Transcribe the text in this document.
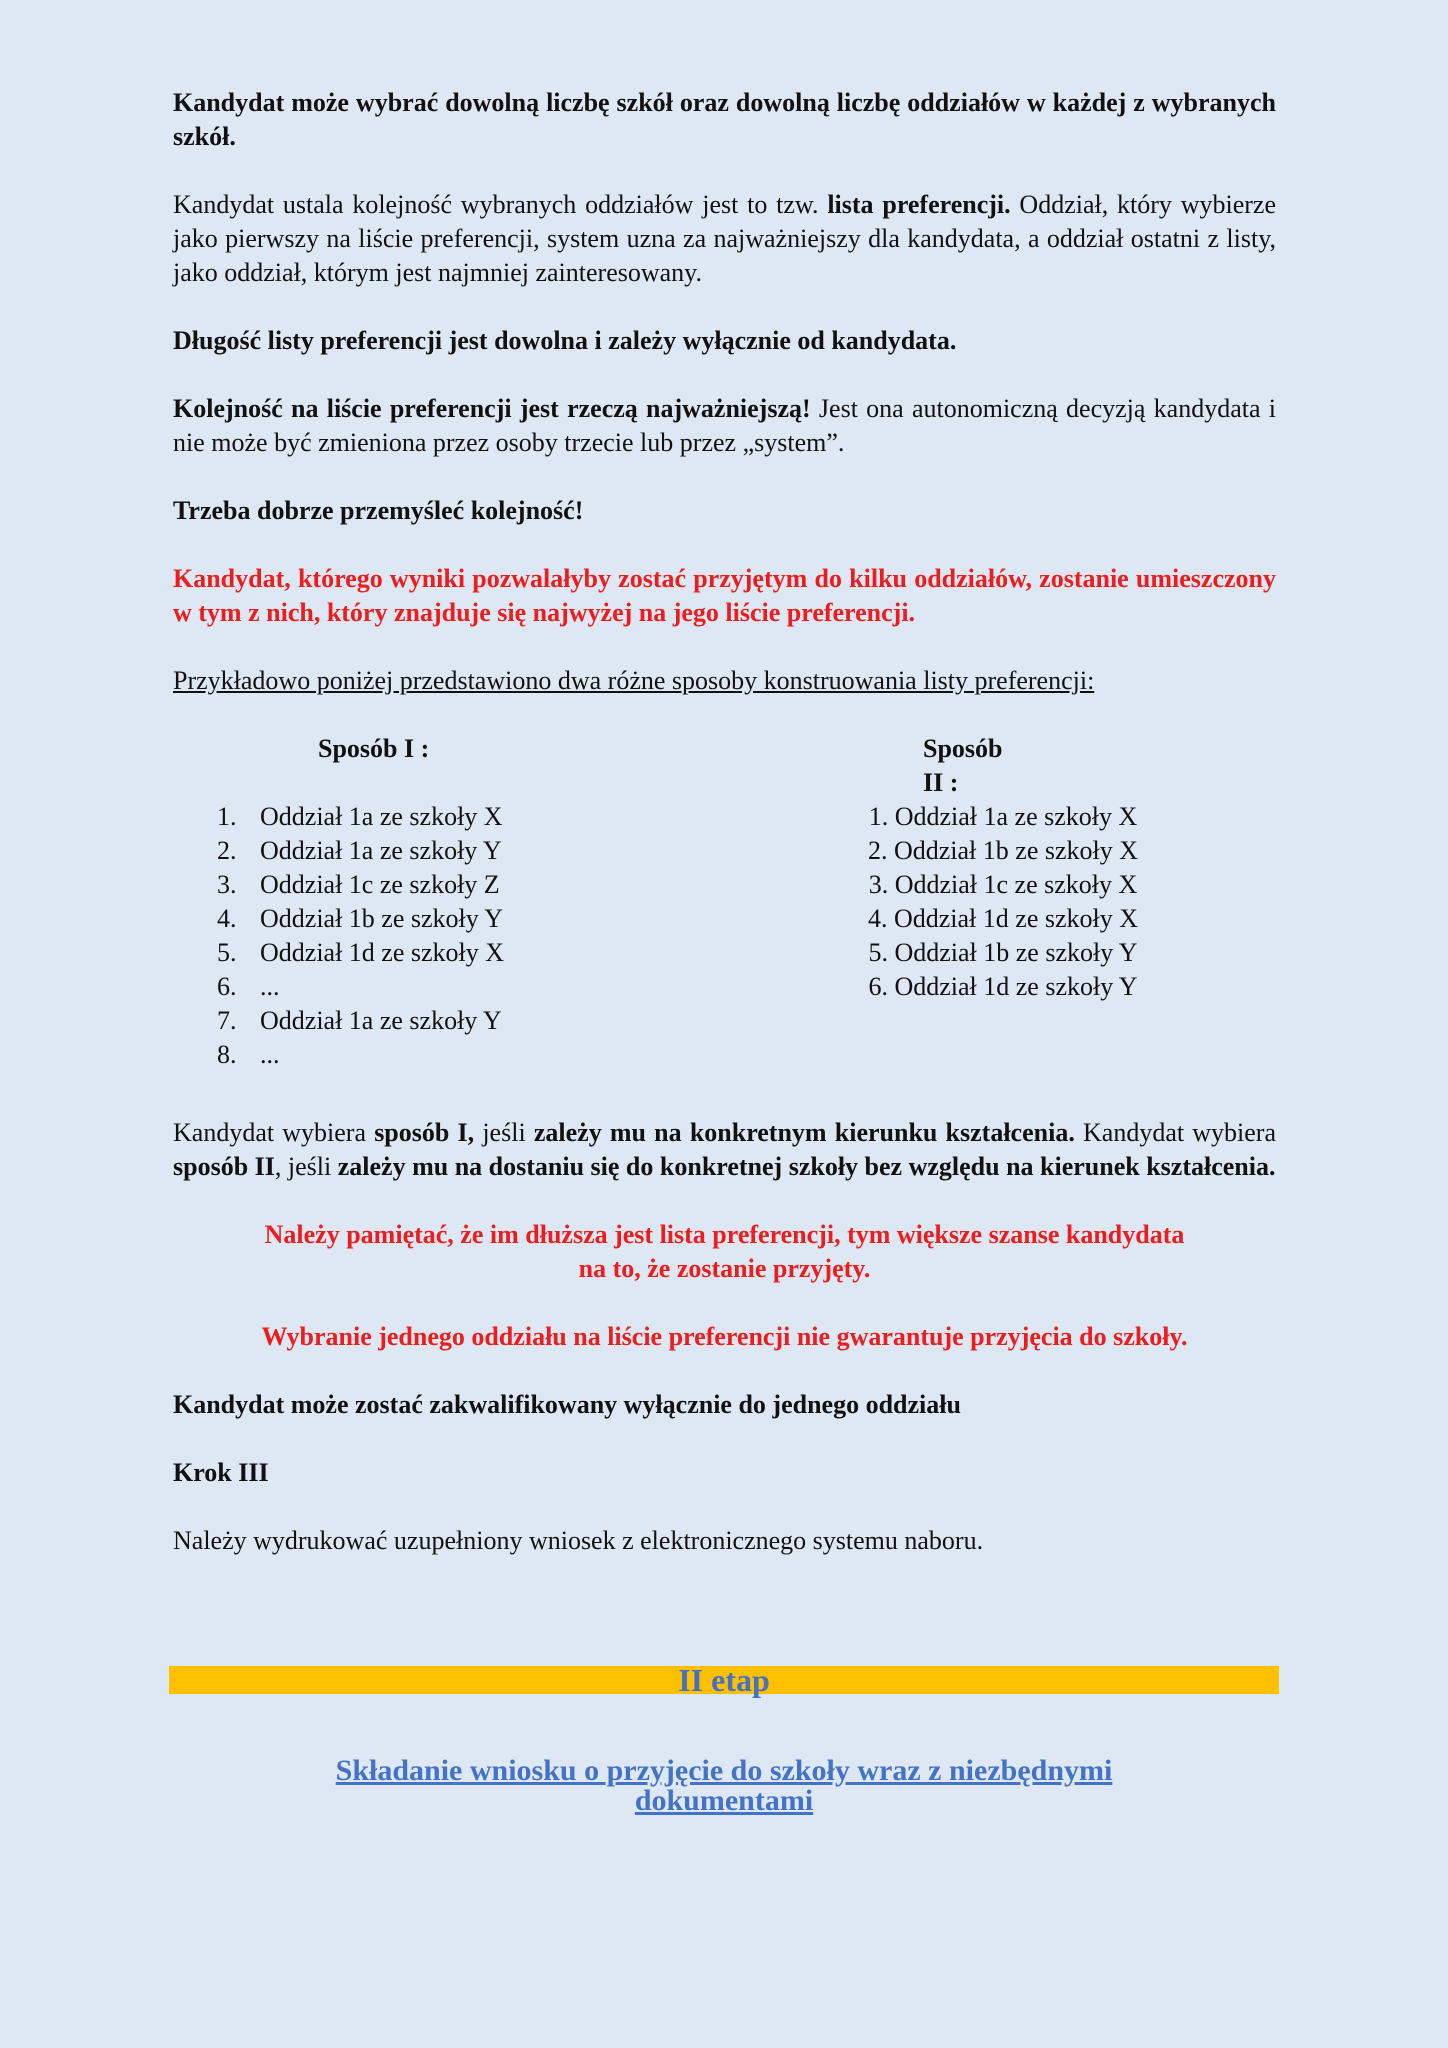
Kandydat może wybrać dowolną liczbę szkół oraz dowolną liczbę oddziałów w każdej z wybranych szkół.

Kandydat ustala kolejność wybranych oddziałów jest to tzw. lista preferencji. Oddział, który wybierze jako pierwszy na liście preferencji, system uzna za najważniejszy dla kandydata, a oddział ostatni z listy, jako oddział, którym jest najmniej zainteresowany.

Długość listy preferencji jest dowolna i zależy wyłącznie od kandydata.

Kolejność na liście preferencji jest rzeczą najważniejszą! Jest ona autonomiczną decyzją kandydata i nie może być zmieniona przez osoby trzecie lub przez „system”.

Trzeba dobrze przemyśleć kolejność!

Kandydat, którego wyniki pozwalałyby zostać przyjętym do kilku oddziałów, zostanie umieszczony w tym z nich, który znajduje się najwyżej na jego liście preferencji.

Przykładowo poniżej przedstawiono dwa różne sposoby konstruowania listy preferencji:

Sposób I :
1. Oddział 1a ze szkoły X
2. Oddział 1a ze szkoły Y
3. Oddział 1c ze szkoły Z
4. Oddział 1b ze szkoły Y
5. Oddział 1d ze szkoły X
6. ...
7. Oddział 1a ze szkoły Y
8. ...
Sposób II :
1. Oddział 1a ze szkoły X
2. Oddział 1b ze szkoły X
3. Oddział 1c ze szkoły X
4. Oddział 1d ze szkoły X
5. Oddział 1b ze szkoły Y
6. Oddział 1d ze szkoły Y

Kandydat wybiera sposób I, jeśli zależy mu na konkretnym kierunku kształcenia. Kandydat wybiera sposób II, jeśli zależy mu na dostaniu się do konkretnej szkoły bez względu na kierunek kształcenia.

Należy pamiętać, że im dłuższa jest lista preferencji, tym większe szanse kandydata
na to, że zostanie przyjęty.

Wybranie jednego oddziału na liście preferencji nie gwarantuje przyjęcia do szkoły.

Kandydat może zostać zakwalifikowany wyłącznie do jednego oddziału

Krok III

Należy wydrukować uzupełniony wniosek z elektronicznego systemu naboru.

II etap
Składanie wniosku o przyjęcie do szkoły wraz z niezbędnymi
dokumentami
